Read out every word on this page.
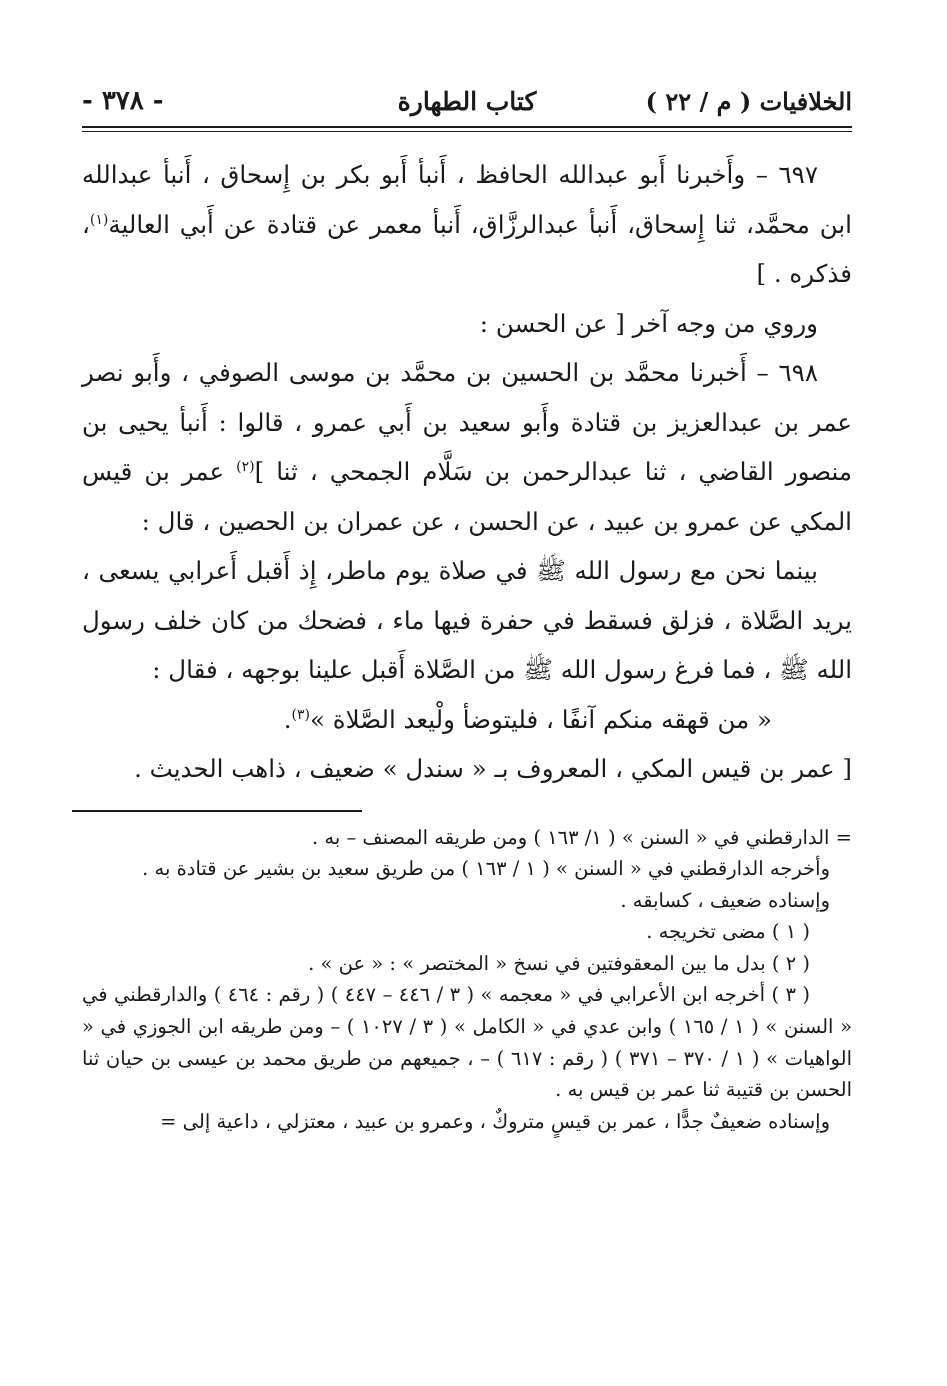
الخلافيات ( م / ٢٢ )
كتاب الطهارة
- ٣٧٨ -

٦٩٧ – وأَخبرنا أَبو عبدالله الحافظ ، أَنبأ أَبو بكر بن إِسحاق ، أَنبأ عبدالله ابن محمَّد، ثنا إِسحاق، أَنبأ عبدالرزَّاق، أَنبأ معمر عن قتادة عن أَبي العالية$^{(١)}$، فذكره . ]

وروي من وجه آخر [ عن الحسن :

٦٩٨ – أَخبرنا محمَّد بن الحسين بن محمَّد بن موسى الصوفي ، وأَبو نصر عمر بن عبدالعزيز بن قتادة وأَبو سعيد بن أَبي عمرو ، قالوا : أَنبأ يحيى بن منصور القاضي ، ثنا عبدالرحمن بن سَلَّام الجمحي ، ثنا ]$^{(٢)}$ عمر بن قيس المكي عن عمرو بن عبيد ، عن الحسن ، عن عمران بن الحصين ، قال :

بينما نحن مع رسول الله ﷺ في صلاة يوم ماطر، إِذ أَقبل أَعرابي يسعى ، يريد الصَّلاة ، فزلق فسقط في حفرة فيها ماء ، فضحك من كان خلف رسول الله ﷺ ، فما فرغ رسول الله ﷺ من الصَّلاة أَقبل علينا بوجهه ، فقال :

« من قهقه منكم آنفًا ، فليتوضأ ولْيعد الصَّلاة »$^{(٣)}$.

[ عمر بن قيس المكي ، المعروف بـ « سندل » ضعيف ، ذاهب الحديث .

= الدارقطني في « السنن » ( ١/ ١٦٣ ) ومن طريقه المصنف – به .

وأخرجه الدارقطني في « السنن » ( ١ / ١٦٣ ) من طريق سعيد بن بشير عن قتادة به .

وإسناده ضعيف ، كسابقه .

( ١ ) مضى تخريجه .

( ٢ ) بدل ما بين المعقوفتين في نسخ « المختصر » : « عن » .

( ٣ ) أخرجه ابن الأعرابي في « معجمه » ( ٣ / ٤٤٦ – ٤٤٧ ) ( رقم : ٤٦٤ ) والدارقطني في « السنن » ( ١ / ١٦٥ ) وابن عدي في « الكامل » ( ٣ / ١٠٢٧ ) – ومن طريقه ابن الجوزي في « الواهيات » ( ١ / ٣٧٠ – ٣٧١ ) ( رقم : ٦١٧ ) – ، جميعهم من طريق محمد بن عيسى بن حيان ثنا الحسن بن قتيبة ثنا عمر بن قيس به .

وإسناده ضعيفٌ جدًّا ، عمر بن قيسٍ متروكٌ ، وعمرو بن عبيد ، معتزلي ، داعية إلى =
